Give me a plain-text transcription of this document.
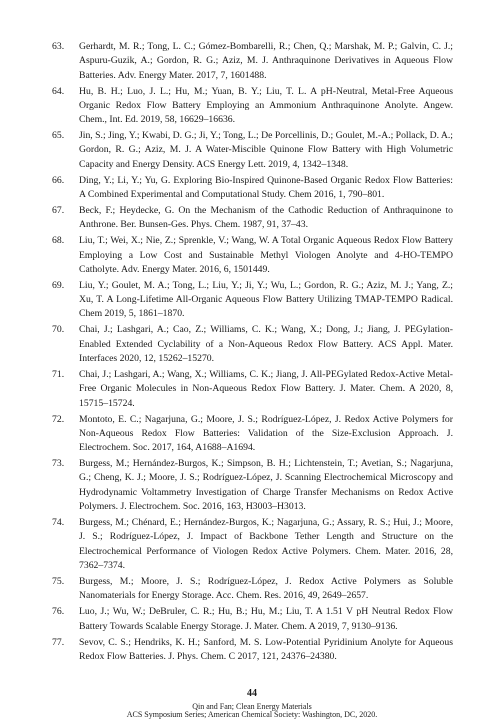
63. Gerhardt, M. R.; Tong, L. C.; Gómez-Bombarelli, R.; Chen, Q.; Marshak, M. P.; Galvin, C. J.; Aspuru-Guzik, A.; Gordon, R. G.; Aziz, M. J. Anthraquinone Derivatives in Aqueous Flow Batteries. Adv. Energy Mater. 2017, 7, 1601488.
64. Hu, B. H.; Luo, J. L.; Hu, M.; Yuan, B. Y.; Liu, T. L. A pH-Neutral, Metal-Free Aqueous Organic Redox Flow Battery Employing an Ammonium Anthraquinone Anolyte. Angew. Chem., Int. Ed. 2019, 58, 16629–16636.
65. Jin, S.; Jing, Y.; Kwabi, D. G.; Ji, Y.; Tong, L.; De Porcellinis, D.; Goulet, M.-A.; Pollack, D. A.; Gordon, R. G.; Aziz, M. J. A Water-Miscible Quinone Flow Battery with High Volumetric Capacity and Energy Density. ACS Energy Lett. 2019, 4, 1342–1348.
66. Ding, Y.; Li, Y.; Yu, G. Exploring Bio-Inspired Quinone-Based Organic Redox Flow Batteries: A Combined Experimental and Computational Study. Chem 2016, 1, 790–801.
67. Beck, F.; Heydecke, G. On the Mechanism of the Cathodic Reduction of Anthraquinone to Anthrone. Ber. Bunsen-Ges. Phys. Chem. 1987, 91, 37–43.
68. Liu, T.; Wei, X.; Nie, Z.; Sprenkle, V.; Wang, W. A Total Organic Aqueous Redox Flow Battery Employing a Low Cost and Sustainable Methyl Viologen Anolyte and 4-HO-TEMPO Catholyte. Adv. Energy Mater. 2016, 6, 1501449.
69. Liu, Y.; Goulet, M. A.; Tong, L.; Liu, Y.; Ji, Y.; Wu, L.; Gordon, R. G.; Aziz, M. J.; Yang, Z.; Xu, T. A Long-Lifetime All-Organic Aqueous Flow Battery Utilizing TMAP-TEMPO Radical. Chem 2019, 5, 1861–1870.
70. Chai, J.; Lashgari, A.; Cao, Z.; Williams, C. K.; Wang, X.; Dong, J.; Jiang, J. PEGylation-Enabled Extended Cyclability of a Non-Aqueous Redox Flow Battery. ACS Appl. Mater. Interfaces 2020, 12, 15262–15270.
71. Chai, J.; Lashgari, A.; Wang, X.; Williams, C. K.; Jiang, J. All-PEGylated Redox-Active Metal-Free Organic Molecules in Non-Aqueous Redox Flow Battery. J. Mater. Chem. A 2020, 8, 15715–15724.
72. Montoto, E. C.; Nagarjuna, G.; Moore, J. S.; Rodríguez-López, J. Redox Active Polymers for Non-Aqueous Redox Flow Batteries: Validation of the Size-Exclusion Approach. J. Electrochem. Soc. 2017, 164, A1688–A1694.
73. Burgess, M.; Hernández-Burgos, K.; Simpson, B. H.; Lichtenstein, T.; Avetian, S.; Nagarjuna, G.; Cheng, K. J.; Moore, J. S.; Rodríguez-López, J. Scanning Electrochemical Microscopy and Hydrodynamic Voltammetry Investigation of Charge Transfer Mechanisms on Redox Active Polymers. J. Electrochem. Soc. 2016, 163, H3003–H3013.
74. Burgess, M.; Chénard, E.; Hernández-Burgos, K.; Nagarjuna, G.; Assary, R. S.; Hui, J.; Moore, J. S.; Rodríguez-López, J. Impact of Backbone Tether Length and Structure on the Electrochemical Performance of Viologen Redox Active Polymers. Chem. Mater. 2016, 28, 7362–7374.
75. Burgess, M.; Moore, J. S.; Rodríguez-López, J. Redox Active Polymers as Soluble Nanomaterials for Energy Storage. Acc. Chem. Res. 2016, 49, 2649–2657.
76. Luo, J.; Wu, W.; DeBruler, C. R.; Hu, B.; Hu, M.; Liu, T. A 1.51 V pH Neutral Redox Flow Battery Towards Scalable Energy Storage. J. Mater. Chem. A 2019, 7, 9130–9136.
77. Sevov, C. S.; Hendriks, K. H.; Sanford, M. S. Low-Potential Pyridinium Anolyte for Aqueous Redox Flow Batteries. J. Phys. Chem. C 2017, 121, 24376–24380.
44
Qin and Fan; Clean Energy Materials
ACS Symposium Series; American Chemical Society: Washington, DC, 2020.
